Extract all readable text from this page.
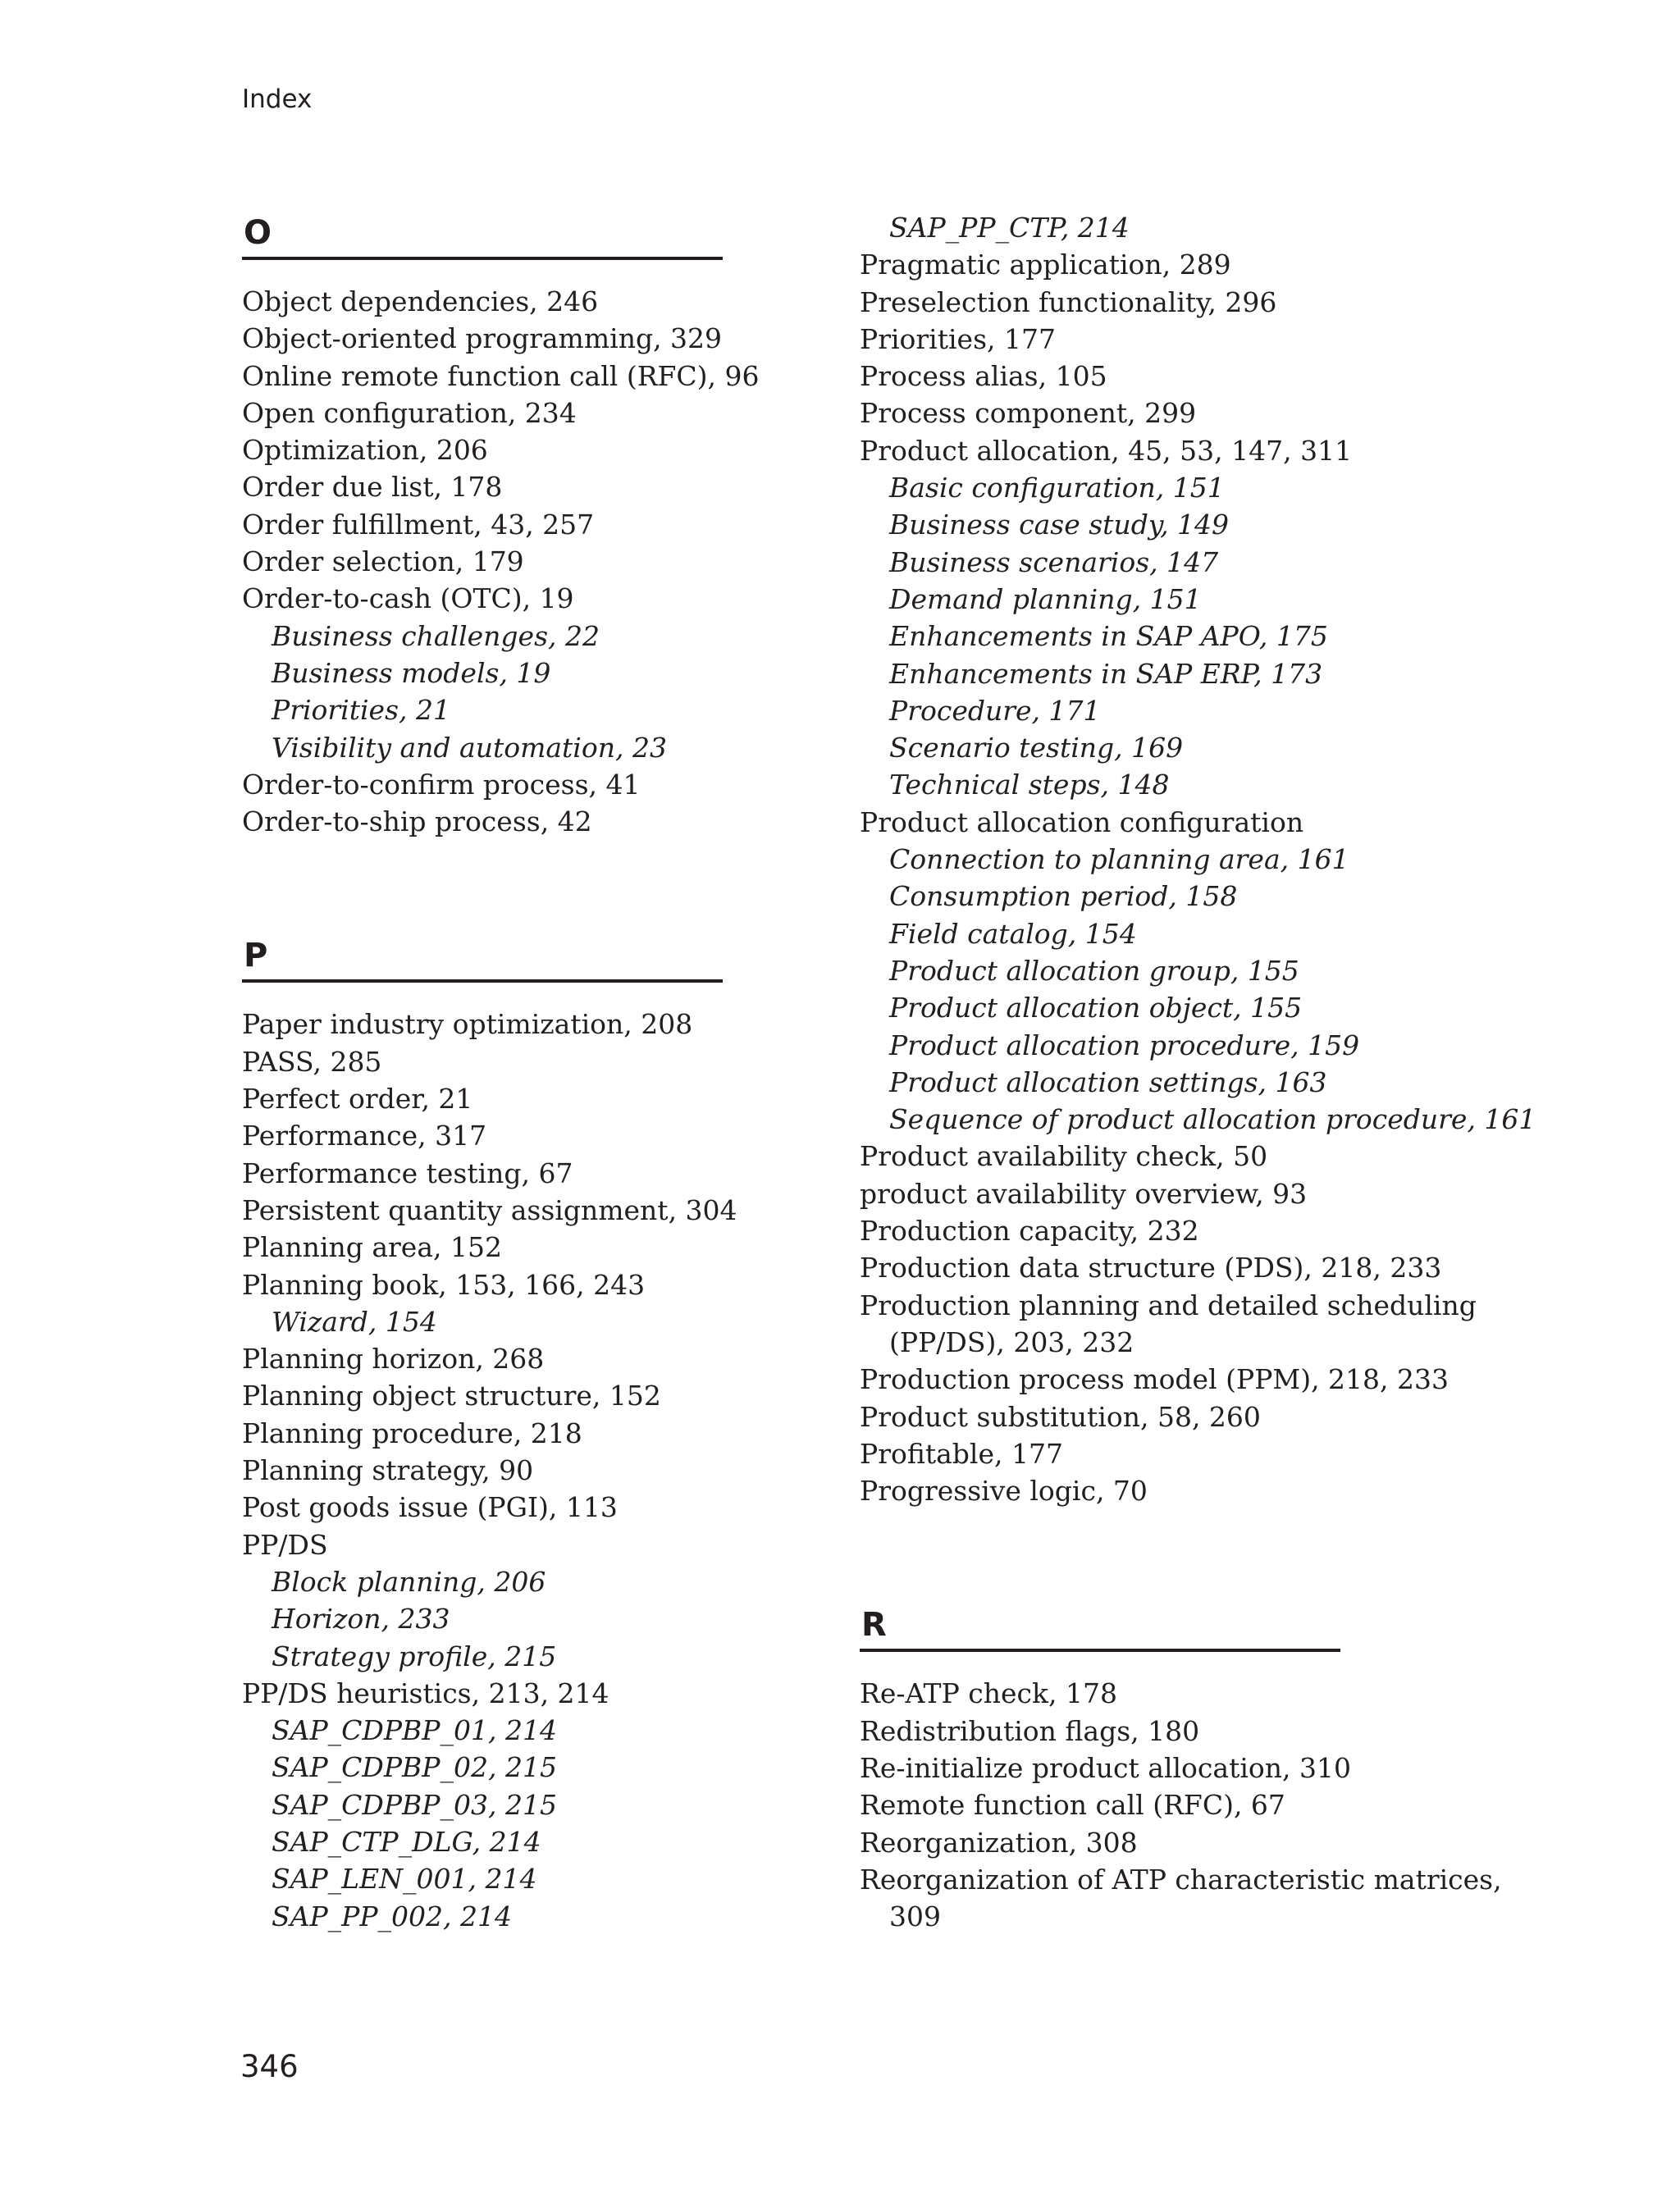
Index
O
Object dependencies, 246
Object-oriented programming, 329
Online remote function call (RFC), 96
Open configuration, 234
Optimization, 206
Order due list, 178
Order fulfillment, 43, 257
Order selection, 179
Order-to-cash (OTC), 19
Business challenges, 22
Business models, 19
Priorities, 21
Visibility and automation, 23
Order-to-confirm process, 41
Order-to-ship process, 42
P
Paper industry optimization, 208
PASS, 285
Perfect order, 21
Performance, 317
Performance testing, 67
Persistent quantity assignment, 304
Planning area, 152
Planning book, 153, 166, 243
Wizard, 154
Planning horizon, 268
Planning object structure, 152
Planning procedure, 218
Planning strategy, 90
Post goods issue (PGI), 113
PP/DS
Block planning, 206
Horizon, 233
Strategy profile, 215
PP/DS heuristics, 213, 214
SAP_CDPBP_01, 214
SAP_CDPBP_02, 215
SAP_CDPBP_03, 215
SAP_CTP_DLG, 214
SAP_LEN_001, 214
SAP_PP_002, 214
SAP_PP_CTP, 214
Pragmatic application, 289
Preselection functionality, 296
Priorities, 177
Process alias, 105
Process component, 299
Product allocation, 45, 53, 147, 311
Basic configuration, 151
Business case study, 149
Business scenarios, 147
Demand planning, 151
Enhancements in SAP APO, 175
Enhancements in SAP ERP, 173
Procedure, 171
Scenario testing, 169
Technical steps, 148
Product allocation configuration
Connection to planning area, 161
Consumption period, 158
Field catalog, 154
Product allocation group, 155
Product allocation object, 155
Product allocation procedure, 159
Product allocation settings, 163
Sequence of product allocation procedure, 161
Product availability check, 50
product availability overview, 93
Production capacity, 232
Production data structure (PDS), 218, 233
Production planning and detailed scheduling
(PP/DS), 203, 232
Production process model (PPM), 218, 233
Product substitution, 58, 260
Profitable, 177
Progressive logic, 70
R
Re-ATP check, 178
Redistribution flags, 180
Re-initialize product allocation, 310
Remote function call (RFC), 67
Reorganization, 308
Reorganization of ATP characteristic matrices,
309
346
